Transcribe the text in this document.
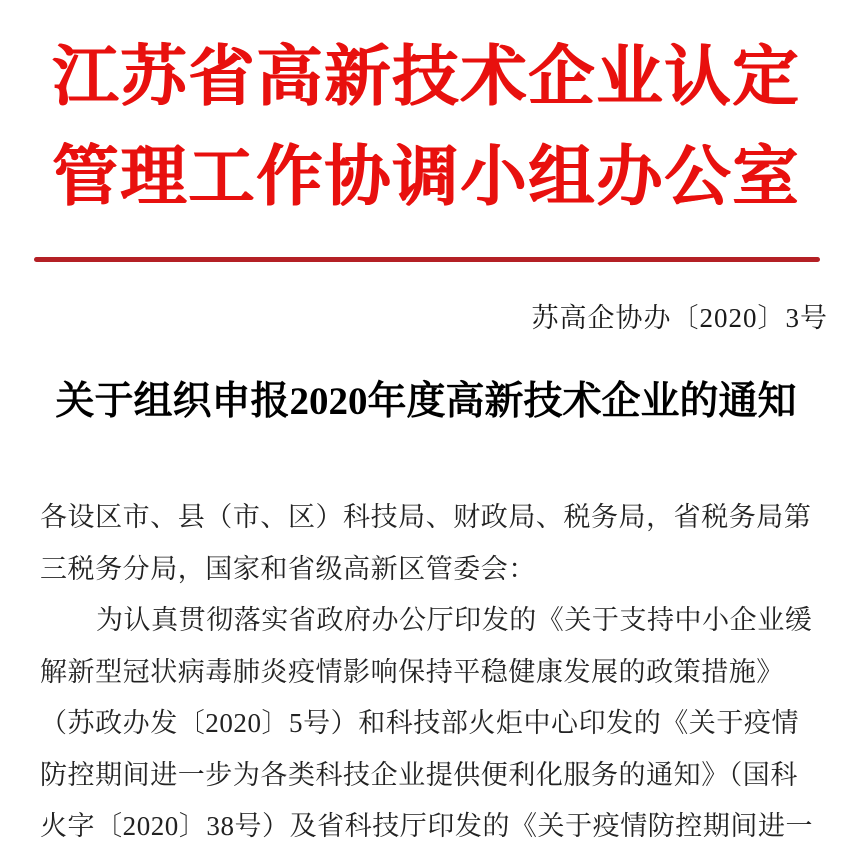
江苏省高新技术企业认定
管理工作协调小组办公室
苏高企协办〔2020〕3号
关于组织申报2020年度高新技术企业的通知
各设区市、县（市、区）科技局、财政局、税务局，省税务局第
三税务分局，国家和省级高新区管委会：
为认真贯彻落实省政府办公厅印发的《关于支持中小企业缓
解新型冠状病毒肺炎疫情影响保持平稳健康发展的政策措施》
（苏政办发〔2020〕5号）和科技部火炬中心印发的《关于疫情
防控期间进一步为各类科技企业提供便利化服务的通知》（国科
火字〔2020〕38号）及省科技厅印发的《关于疫情防控期间进一
